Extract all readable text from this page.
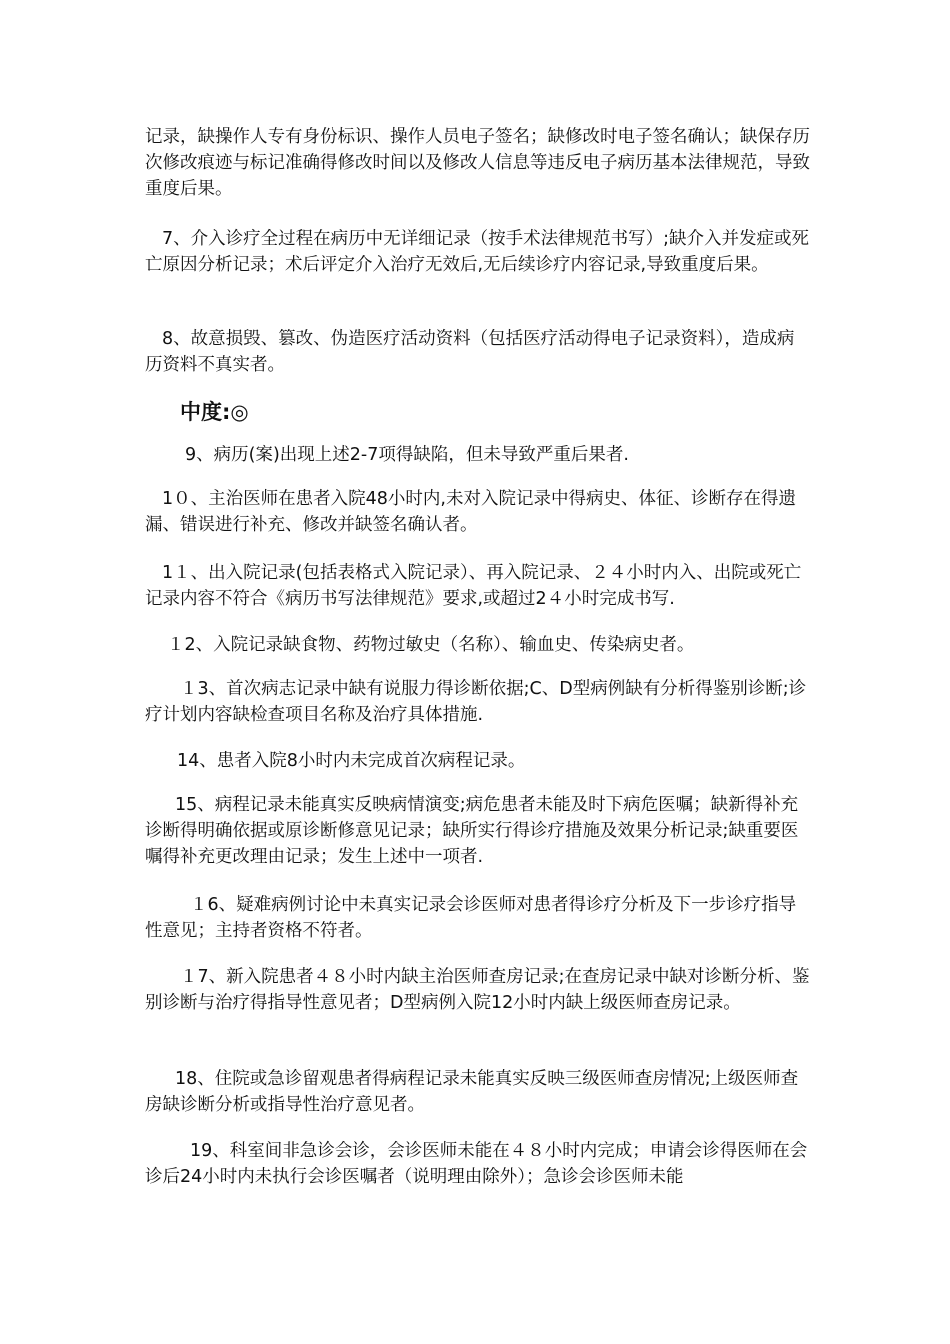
记录，缺操作人专有身份标识、操作人员电子签名；缺修改时电子签名确认；缺保存历次修改痕迹与标记准确得修改时间以及修改人信息等违反电子病历基本法律规范，导致重度后果。

7、介入诊疗全过程在病历中无详细记录（按手术法律规范书写）;缺介入并发症或死亡原因分析记录；术后评定介入治疗无效后,无后续诊疗内容记录,导致重度后果。

8、故意损毁、篡改、伪造医疗活动资料（包括医疗活动得电子记录资料），造成病历资料不真实者。

中度:◎

9、病历(案)出现上述2-7项得缺陷，但未导致严重后果者.

1０、主治医师在患者入院48小时内,未对入院记录中得病史、体征、诊断存在得遗漏、错误进行补充、修改并缺签名确认者。

1１、出入院记录(包括表格式入院记录）、再入院记录、２４小时内入、出院或死亡记录内容不符合《病历书写法律规范》要求,或超过2４小时完成书写.

１2、入院记录缺食物、药物过敏史（名称）、输血史、传染病史者。

１3、首次病志记录中缺有说服力得诊断依据;C、D型病例缺有分析得鉴别诊断;诊疗计划内容缺检查项目名称及治疗具体措施.

14、患者入院8小时内未完成首次病程记录。

15、病程记录未能真实反映病情演变;病危患者未能及时下病危医嘱；缺新得补充诊断得明确依据或原诊断修意见记录；缺所实行得诊疗措施及效果分析记录;缺重要医嘱得补充更改理由记录；发生上述中一项者.

１6、疑难病例讨论中未真实记录会诊医师对患者得诊疗分析及下一步诊疗指导性意见；主持者资格不符者。

１7、新入院患者４８小时内缺主治医师查房记录;在查房记录中缺对诊断分析、鉴别诊断与治疗得指导性意见者；D型病例入院12小时内缺上级医师查房记录。

18、住院或急诊留观患者得病程记录未能真实反映三级医师查房情况;上级医师查房缺诊断分析或指导性治疗意见者。

19、科室间非急诊会诊，会诊医师未能在４８小时内完成；申请会诊得医师在会诊后24小时内未执行会诊医嘱者（说明理由除外）；急诊会诊医师未能
